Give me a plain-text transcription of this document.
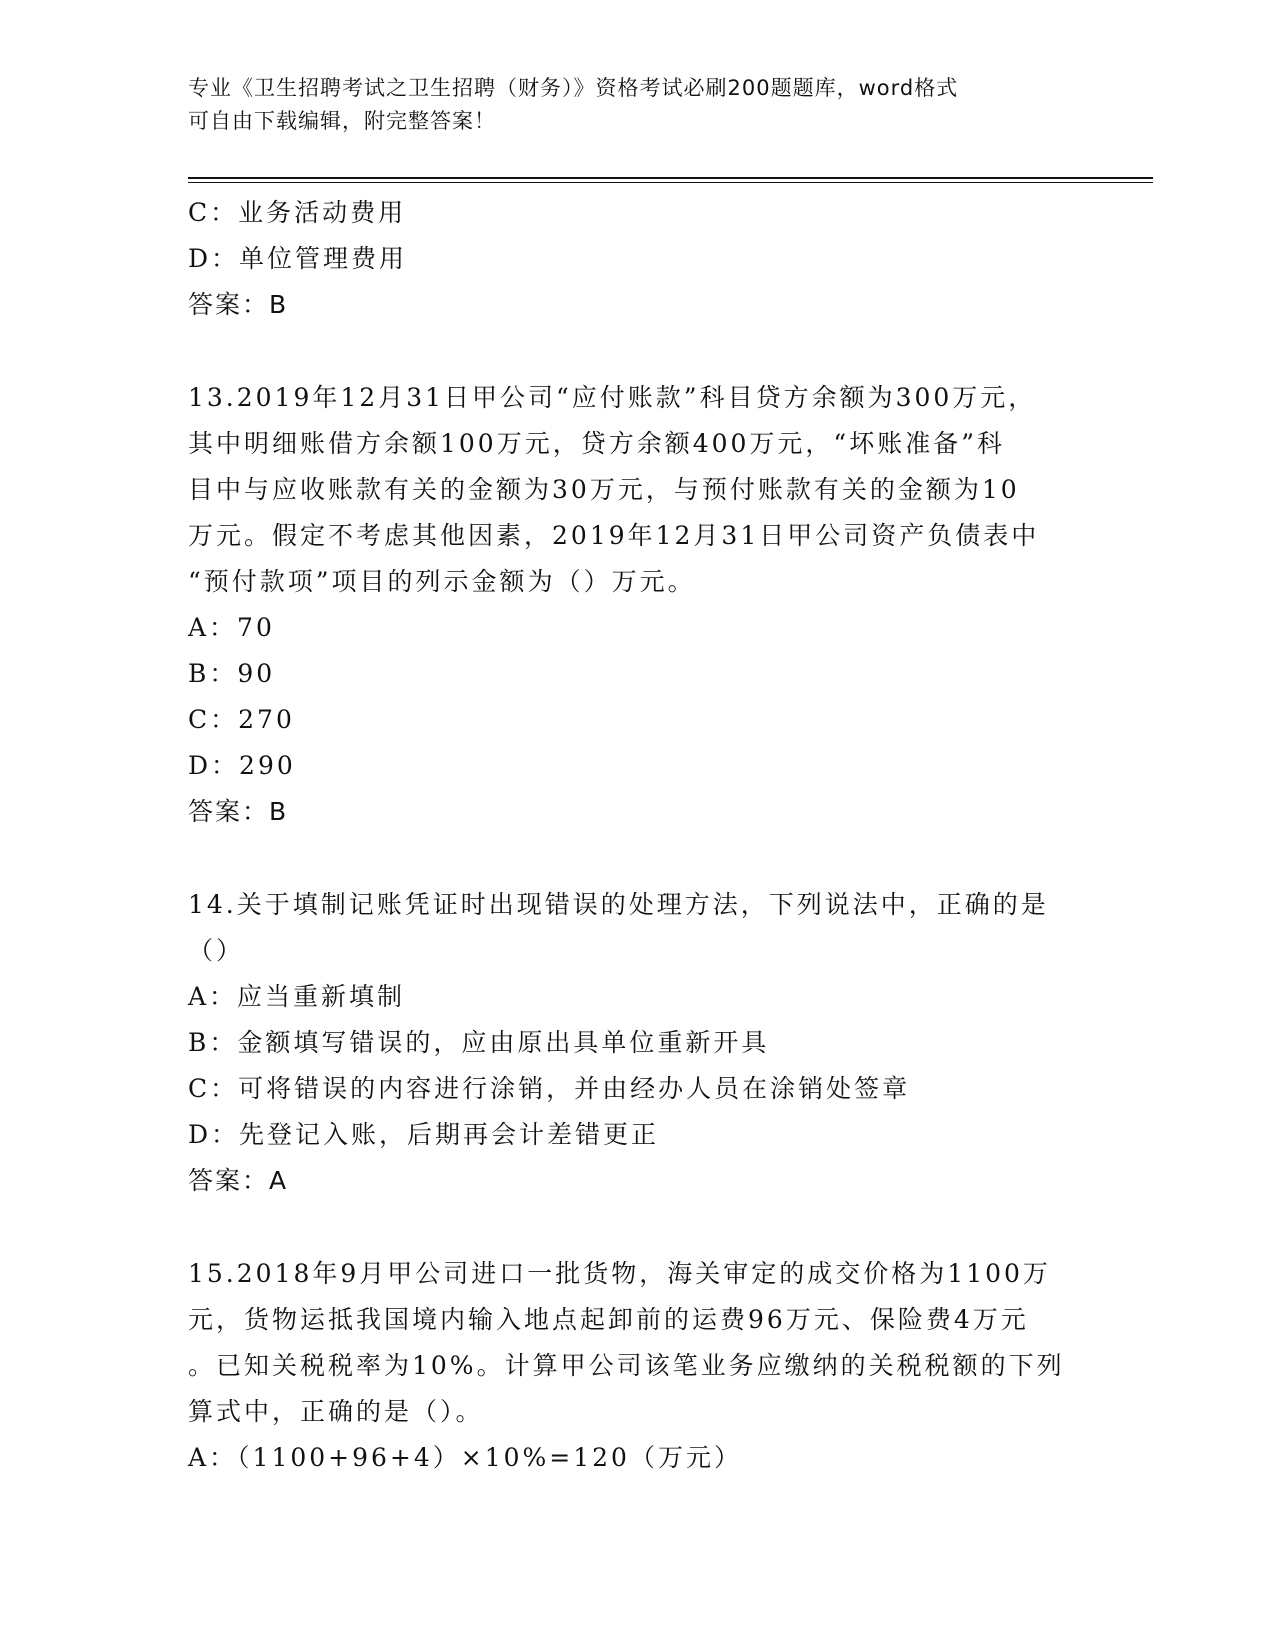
专业《卫生招聘考试之卫生招聘（财务）》资格考试必刷200题题库，word格式
可自由下载编辑，附完整答案！
C：业务活动费用
D：单位管理费用
答案：B
13.2019年12月31日甲公司“应付账款”科目贷方余额为300万元，
其中明细账借方余额100万元，贷方余额400万元，“坏账准备”科
目中与应收账款有关的金额为30万元，与预付账款有关的金额为10
万元。假定不考虑其他因素，2019年12月31日甲公司资产负债表中
“预付款项”项目的列示金额为（）万元。
A：70
B：90
C：270
D：290
答案：B
14.关于填制记账凭证时出现错误的处理方法，下列说法中，正确的是
（）
A：应当重新填制
B：金额填写错误的，应由原出具单位重新开具
C：可将错误的内容进行涂销，并由经办人员在涂销处签章
D：先登记入账，后期再会计差错更正
答案：A
15.2018年9月甲公司进口一批货物，海关审定的成交价格为1100万
元，货物运抵我国境内输入地点起卸前的运费96万元、保险费4万元
。已知关税税率为10%。计算甲公司该笔业务应缴纳的关税税额的下列
算式中，正确的是（）。
A：（1100+96+4）×10%=120（万元）
